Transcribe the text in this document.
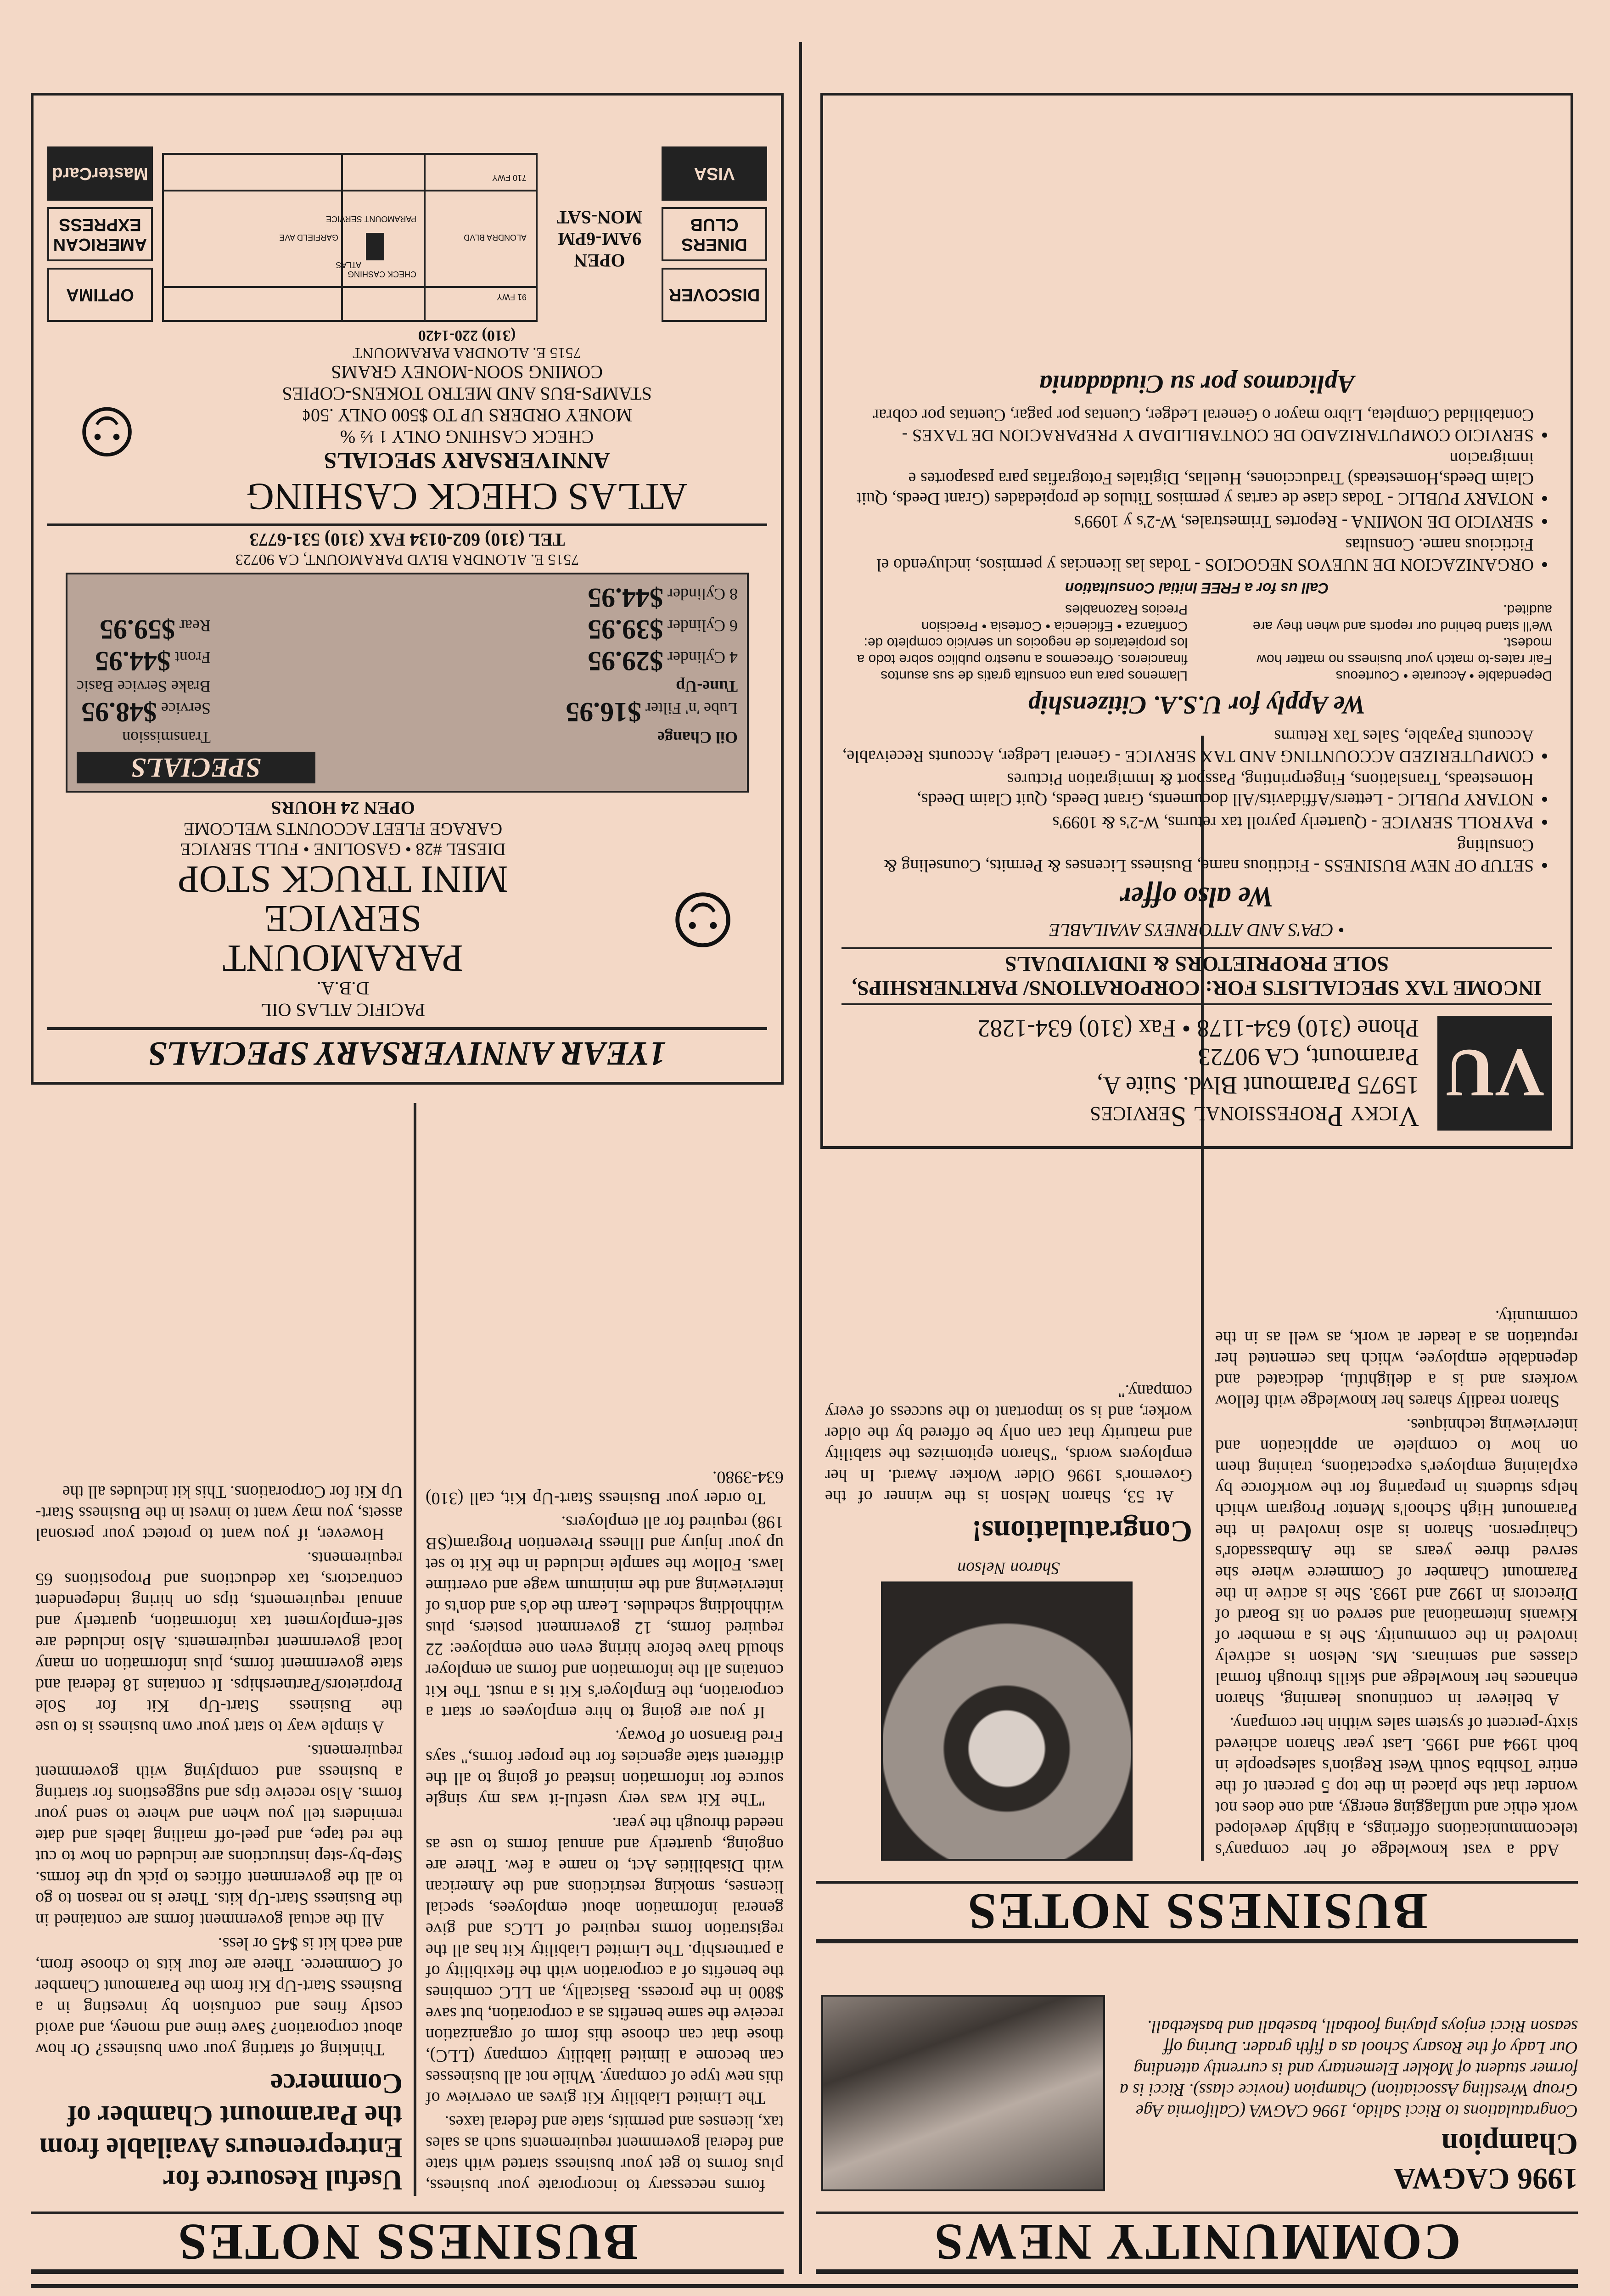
COMMUNITY NEWS
1996 CAGWA
Champion
Congratulations to Ricci Salido, 1996 CAGWA (California Age Group Wrestling Association) Champion (novice class). Ricci is a former student of Mokler Elementary and is currently attending Our Lady of the Rosary School as a fifth grader. During off season Ricci enjoys playing football, baseball and basketball.
BUSINESS NOTES

Add a vast knowledge of her company's telecommunications offerings, a highly developed work ethic and unflagging energy, and one does not wonder that she placed in the top 5 percent of the entire Toshiba South West Region's salespeople in both 1994 and 1995. Last year Sharon achieved sixty-percent of system sales within her company.

A believer in continuous learning, Sharon enhances her knowledge and skills through formal classes and seminars. Ms. Nelson is actively involved in the community. She is a member of Kiwanis International and served on its Board of Directors in 1992 and 1993. She is active in the Paramount Chamber of Commerce where she served three years as the Ambassador's Chairperson. Sharon is also involved in the Paramount High School's Mentor Program which helps students in preparing for the workforce by explaining employer's expectations, training them on how to complete an application and interviewing techniques.

Sharon readily shares her knowledge with fellow workers and is a delightful, dedicated and dependable employee, which has cemented her reputation as a leader at work, as well as in the community.

Sharon Nelson
Congratulations!

At 53, Sharon Nelson is the winner of the Governor's 1996 Older Worker Award. In her employers words, "Sharon epitomizes the stability and maturity that can only be offered by the older worker, and is so important to the success of every company."

VU
Vicky Professional Services
15975 Paramount Blvd. Suite A,
Paramount, CA 90723
Phone (310) 634-1178 • Fax (310) 634-1282
INCOME TAX SPECIALISTS FOR: CORPORATIONS/ PARTNERSHIPS, SOLE PROPRIETORS & INDIVIDUALS
• CPA'S AND ATTORNEYS AVAILABLE
We also offer
• SETUP OF NEW BUSINESS - Fictitious name, Business Licenses & Permits, Counseling & Consulting
• PAYROLL SERVICE - Quarterly payroll tax returns, W-2's & 1099's
• NOTARY PUBLIC - Letters/Affidavits/All documents, Grant Deeds, Quit Claim Deeds, Homesteads, Translations, Fingerprinting, Passport & Immigration Pictures
• COMPUTERIZED ACCOUNTING AND TAX SERVICE - General Ledger, Accounts Receivable, Accounts Payable, Sales Tax Returns
We Apply for U.S.A. Citizenship
Dependable • Accurate • Courteous
Fair rates-to match your business no matter how modest.
We'll stand behind our reports and when they are audited.
Llamenos para una consulta gratis de sus asuntos financieros. Ofrecemos a nuestro publico sobre todo a los propietarios de negocios un servicio completo de:
Confianza • Eficiencia • Cortesia • Precision
Precios Razonables
Call us for a FREE Initial Consultation
• ORGANIZACION DE NUEVOS NEGOCIOS - Todas las licencias y permisos, incluyendo el Ficticious name. Consultas
• SERVICIO DE NOMINA - Reportes Trimestrales, W-2's y 1099's
• NOTARY PUBLIC - Todas clase de cartas y permisos Titulos de propiedades (Grant Deeds, Quit Claim Deeds,Homesteads) Traducciones, Huellas, Digitales Fotografias para pasaportes e inmigracion
• SERVICIO COMPUTARIZADO DE CONTABILIDAD Y PREPARACION DE TAXES - Contabilidad Completa, Libro mayor o General Ledger, Cuentas por pagar, Cuentas por cobrar
Aplicamos por su Ciudadania
BUSINESS NOTES
Useful Resource for Entrepreneurs Available from the Paramount Chamber of Commerce

Thinking of starting your own business? Or how about corporation? Save time and money, and avoid costly fines and confusion by investing in a Business Start-Up Kit from the Paramount Chamber of Commerce. There are four kits to choose from, and each kit is $45 or less.

All the actual government forms are contained in the Business Start-Up kits. There is no reason to go to all the government offices to pick up the forms. Step-by-step instructions are included on how to cut the red tape, and peel-off mailing labels and date reminders tell you when and where to send your forms. Also receive tips and suggestions for starting a business and complying with government requirements.

A simple way to start your own business is to use the Business Start-Up Kit for Sole Proprietors/Partnerships. It contains 18 federal and state government forms, plus information on many local government requirements. Also included are self-employment tax information, quarterly and annual requirements, tips on hiring independent contractors, tax deductions and Propositions 65 requirements.

However, if you want to protect your personal assets, you may want to invest in the Business Start-Up Kit for Corporations. This kit includes all the

forms necessary to incorporate your business, plus forms to get your business started with state and federal government requirements such as sales tax, licenses and permits, state and federal taxes.

The Limited Liability Kit gives an overview of this new type of company. While not all businesses can become a limited liability company (LLC), those that can choose this form of organization receive the same benefits as a corporation, but save $800 in the process. Basically, an LLC combines the benefits of a corporation with the flexibility of a partnership. The Limited Liability Kit has all the registration forms required of LLCs and give general information about employees, special licenses, smoking restrictions and the American with Disabilities Act, to name a few. There are ongoing, quarterly and annual forms to use as needed through the year.

"The Kit was very useful-it was my single source for information instead of going to all the different state agencies for the proper forms," says Fred Branson of Poway.

If you are going to hire employees or start a corporation, the Employer's Kit is a must. The Kit contains all the information and forms an employer should have before hiring even one employee: 22 required forms, 12 government posters, plus withholding schedules. Learn the do's and don'ts of interviewing and the minimum wage and overtime laws. Follow the sample included in the Kit to set up your Injury and Illness Prevention Program(SB 198) required for all employers.

To order your Business Start-Up Kit, call (310) 634-3980.

1YEAR ANNIVERSARY SPECIALS
☺
PACIFIC ATLAS OIL
D.B.A.
PARAMOUNT
SERVICE
MINI TRUCK STOP
DIESEL #28 • GASOLINE • FULL SERVICE
GARAGE FLEET ACCOUNTS WELCOME
OPEN 24 HOURS
SPECIALS
Oil Change
Lube 'n' Filter $16.95
Tune-Up
4 Cylinder $29.95
6 Cylinder $39.95
8 Cylinder $44.95
Transmission
Service $48.95
Brake Service Basic
Front $44.95
Rear $59.95
7515 E. ALONDRA BLVD PARAMOUNT, CA 90723
TEL (310) 602-0134 FAX (310) 531-6773
ATLAS CHECK CASHING
ANNIVERSARY SPECIALS
CHECK CASHING ONLY 1 ½ %
MONEY ORDERS UP TO $500 ONLY .50¢
STAMPS-BUS AND METRO TOKENS-COPIES
COMING SOON-MONEY GRAMS
7515 E. ALONDRA PARAMOUNT
(310) 220-1420
☺
DISCOVER
DINERS CLUB
VISA
OPEN
9AM-6PM
MON-SAT
91 FWY
710 FWY
ALONDRA BLVD
CHECK CASHING
PARAMOUNT SERVICE
GARFIELD AVE
ATLAS
OPTIMA
AMERICAN EXPRESS
MasterCard
